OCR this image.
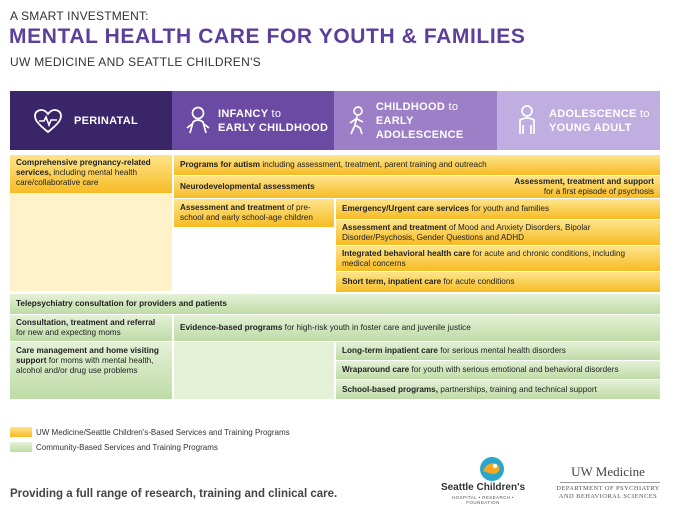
A SMART INVESTMENT:
MENTAL HEALTH CARE FOR YOUTH & FAMILIES
UW MEDICINE AND SEATTLE CHILDREN'S
PERINATAL
INFANCY to
EARLY CHILDHOOD
CHILDHOOD to
EARLY ADOLESCENCE
ADOLESCENCE to
YOUNG ADULT
Comprehensive pregnancy-related services, including mental health care/collaborative care
Programs for autism including assessment, treatment, parent training and outreach
Neurodevelopmental assessments
Assessment, treatment and support for a first episode of psychosis
Assessment and treatment of pre-school and early school-age children
Emergency/Urgent care services for youth and families
Assessment and treatment of Mood and Anxiety Disorders, Bipolar Disorder/Psychosis, Gender Questions and ADHD
Integrated behavioral health care for acute and chronic conditions, including medical concerns
Short term, inpatient care for acute conditions
Telepsychiatry consultation for providers and patients
Consultation, treatment and referral for new and expecting moms
Evidence-based programs for high-risk youth in foster care and juvenile justice
Care management and home visiting support for moms with mental health, alcohol and/or drug use problems
Long-term inpatient care for serious mental health disorders
Wraparound care for youth with serious emotional and behavioral disorders
School-based programs, partnerships, training and technical support
UW Medicine/Seattle Children's-Based Services and Training Programs
Community-Based Services and Training Programs
Providing a full range of research, training and clinical care.
Seattle Children's
HOSPITAL • RESEARCH • FOUNDATION
UW Medicine
DEPARTMENT OF PSYCHIATRY
AND BEHAVIORAL SCIENCES
